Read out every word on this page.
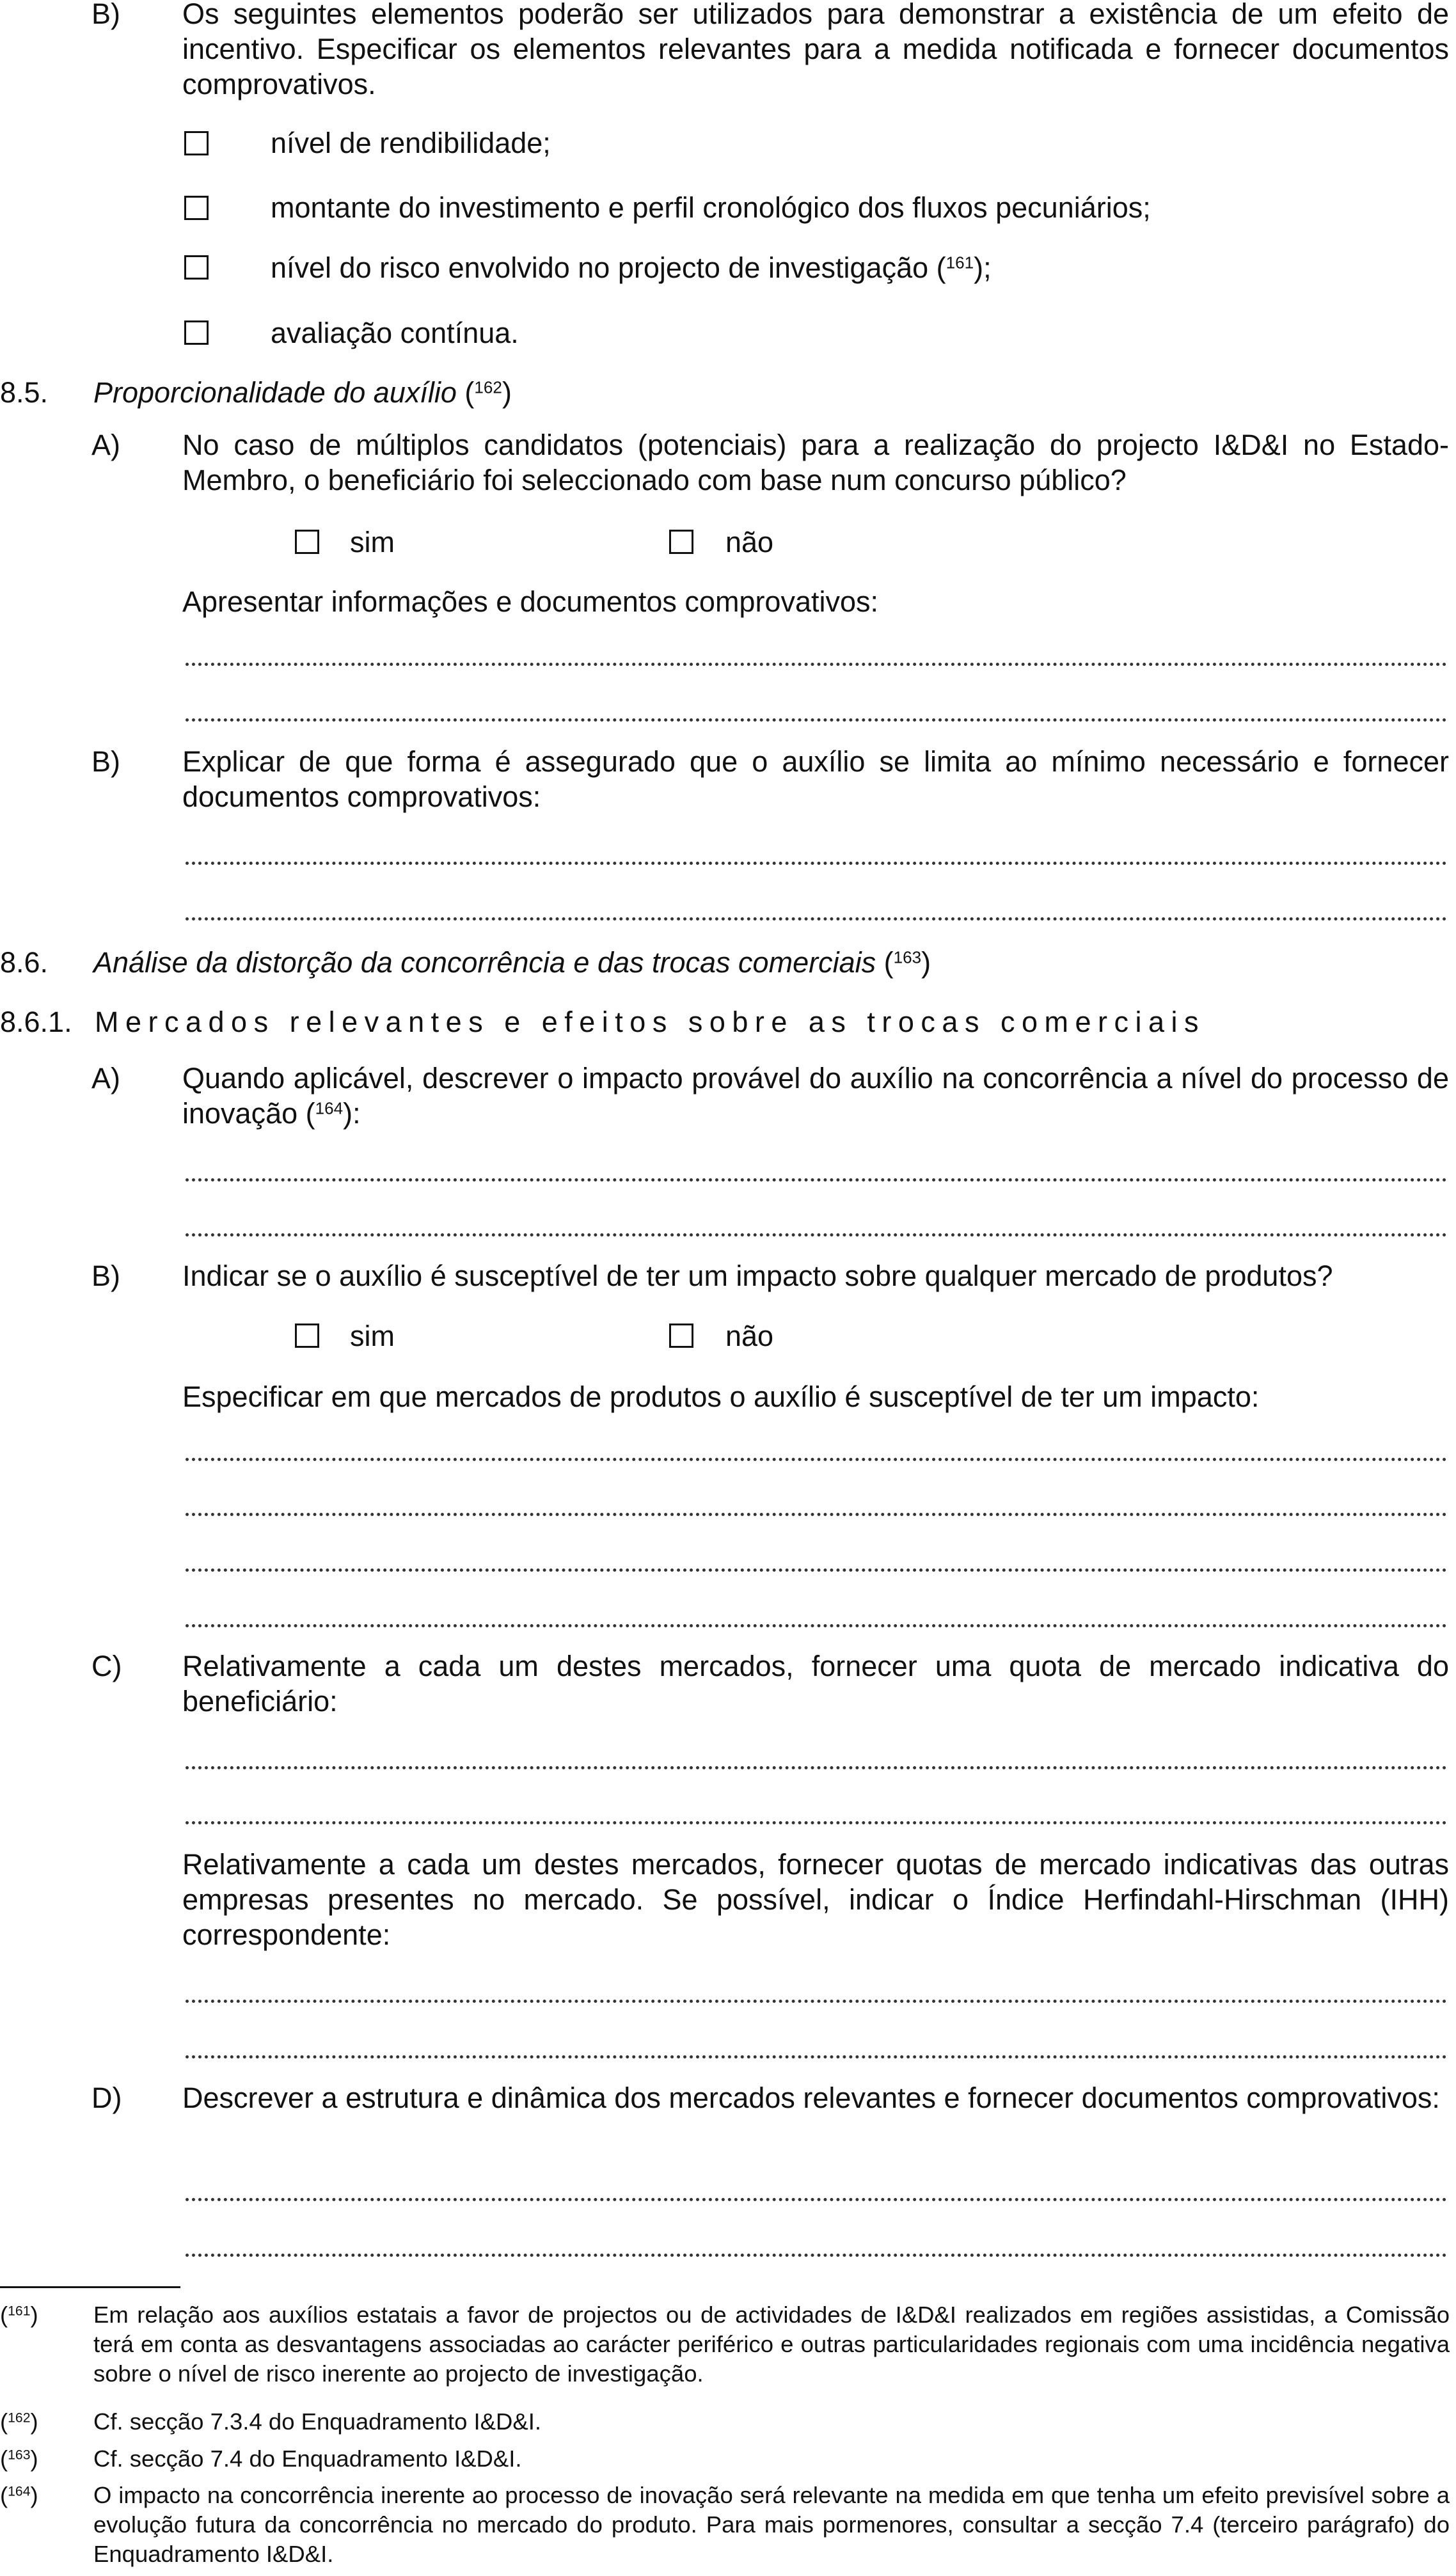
B) Os seguintes elementos poderão ser utilizados para demonstrar a existência de um efeito de incentivo. Especificar os elementos relevantes para a medida notificada e fornecer documentos comprovativos.
nível de rendibilidade;
montante do investimento e perfil cronológico dos fluxos pecuniários;
nível do risco envolvido no projecto de investigação ($^{161}$);
avaliação contínua.
8.5. Proporcionalidade do auxílio ($^{162}$)
A) No caso de múltiplos candidatos (potenciais) para a realização do projecto I&D&I no Estado-Membro, o beneficiário foi seleccionado com base num concurso público?
sim	não
Apresentar informações e documentos comprovativos:
B) Explicar de que forma é assegurado que o auxílio se limita ao mínimo necessário e fornecer documentos comprovativos:
8.6. Análise da distorção da concorrência e das trocas comerciais ($^{163}$)
8.6.1. Mercados relevantes e efeitos sobre as trocas comerciais
A) Quando aplicável, descrever o impacto provável do auxílio na concorrência a nível do processo de inovação ($^{164}$):
B) Indicar se o auxílio é susceptível de ter um impacto sobre qualquer mercado de produtos?
sim	não
Especificar em que mercados de produtos o auxílio é susceptível de ter um impacto:
C) Relativamente a cada um destes mercados, fornecer uma quota de mercado indicativa do beneficiário:
Relativamente a cada um destes mercados, fornecer quotas de mercado indicativas das outras empresas presentes no mercado. Se possível, indicar o Índice Herfindahl-Hirschman (IHH) correspondente:
D) Descrever a estrutura e dinâmica dos mercados relevantes e fornecer documentos comprovativos:
($^{161}$) Em relação aos auxílios estatais a favor de projectos ou de actividades de I&D&I realizados em regiões assistidas, a Comissão terá em conta as desvantagens associadas ao carácter periférico e outras particularidades regionais com uma incidência negativa sobre o nível de risco inerente ao projecto de investigação.
($^{162}$) Cf. secção 7.3.4 do Enquadramento I&D&I.
($^{163}$) Cf. secção 7.4 do Enquadramento I&D&I.
($^{164}$) O impacto na concorrência inerente ao processo de inovação será relevante na medida em que tenha um efeito previsível sobre a evolução futura da concorrência no mercado do produto. Para mais pormenores, consultar a secção 7.4 (terceiro parágrafo) do Enquadramento I&D&I.
